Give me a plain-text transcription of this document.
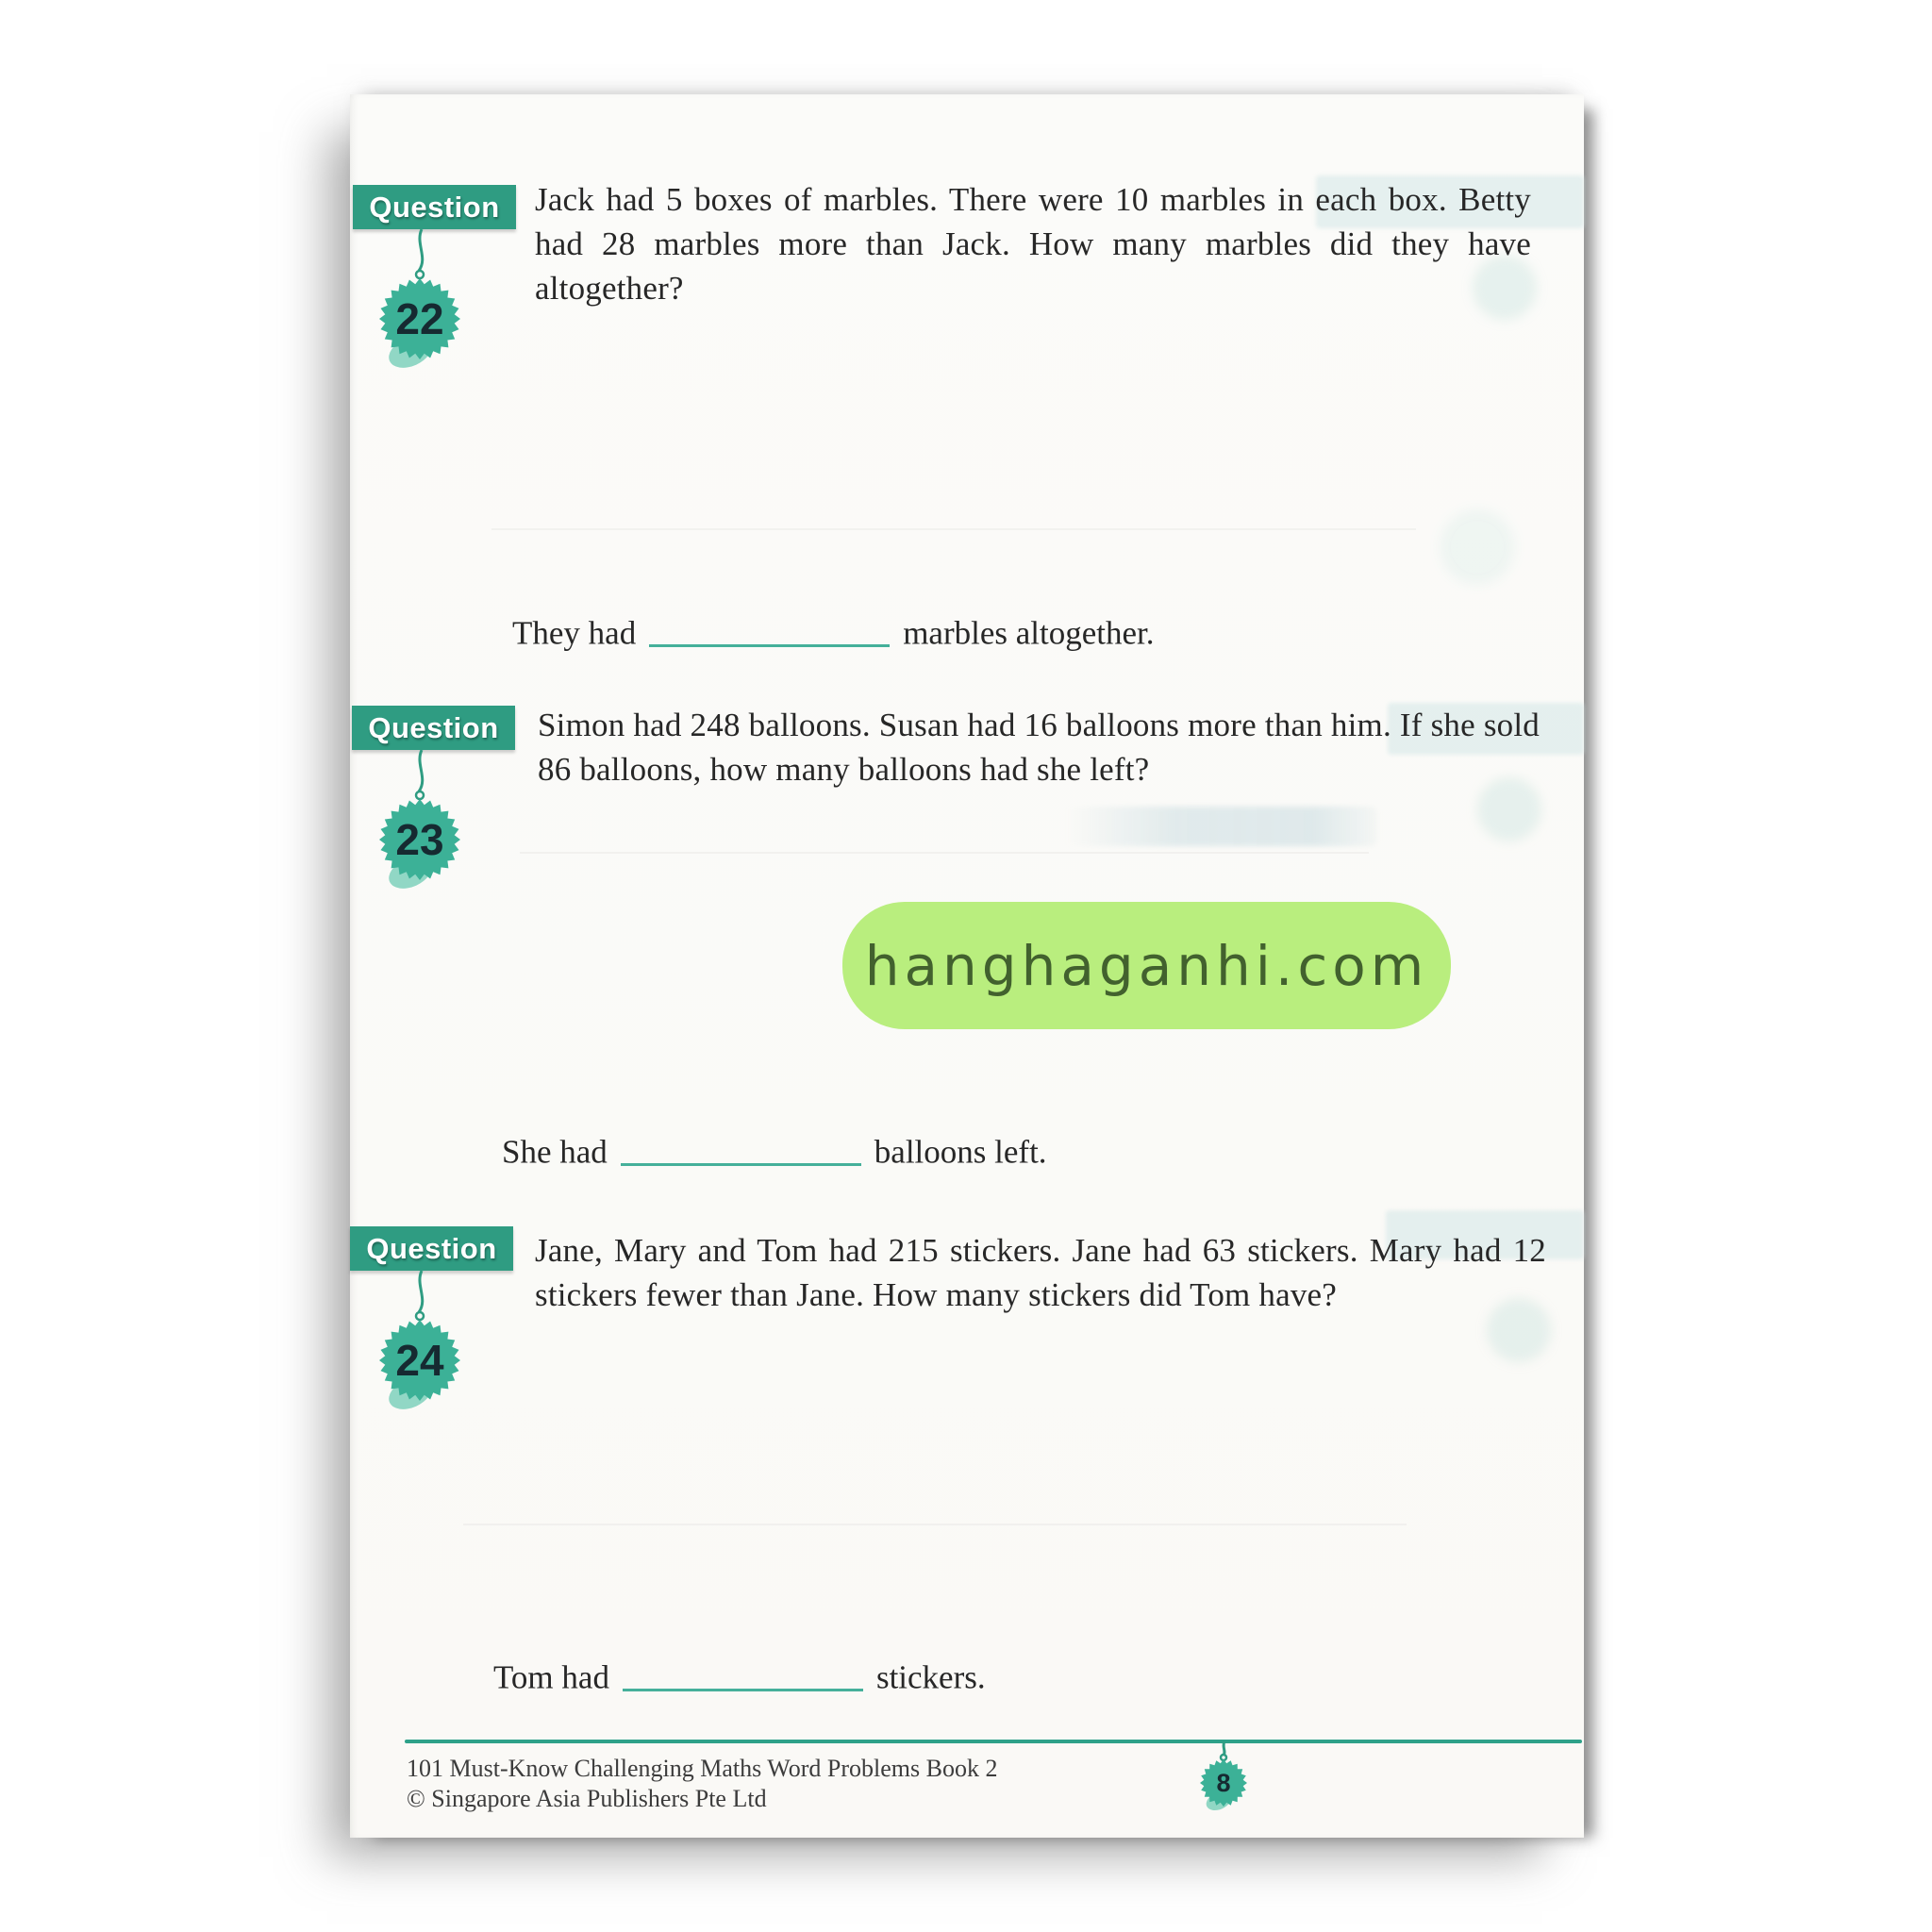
Question
22
Jack had 5 boxes of marbles. There were 10 marbles in each box. Betty had 28 marbles more than Jack. How many marbles did they have altogether?
They had	marbles altogether.
Question
23
Simon had 248 balloons. Susan had 16 balloons more than him. If she sold 86 balloons, how many balloons had she left?
She had	balloons left.
hanghaganhi.com
Question
24
Jane, Mary and Tom had 215 stickers. Jane had 63 stickers. Mary had 12 stickers fewer than Jane. How many stickers did Tom have?
Tom had	stickers.
101 Must-Know Challenging Maths Word Problems Book 2
© Singapore Asia Publishers Pte Ltd
8
